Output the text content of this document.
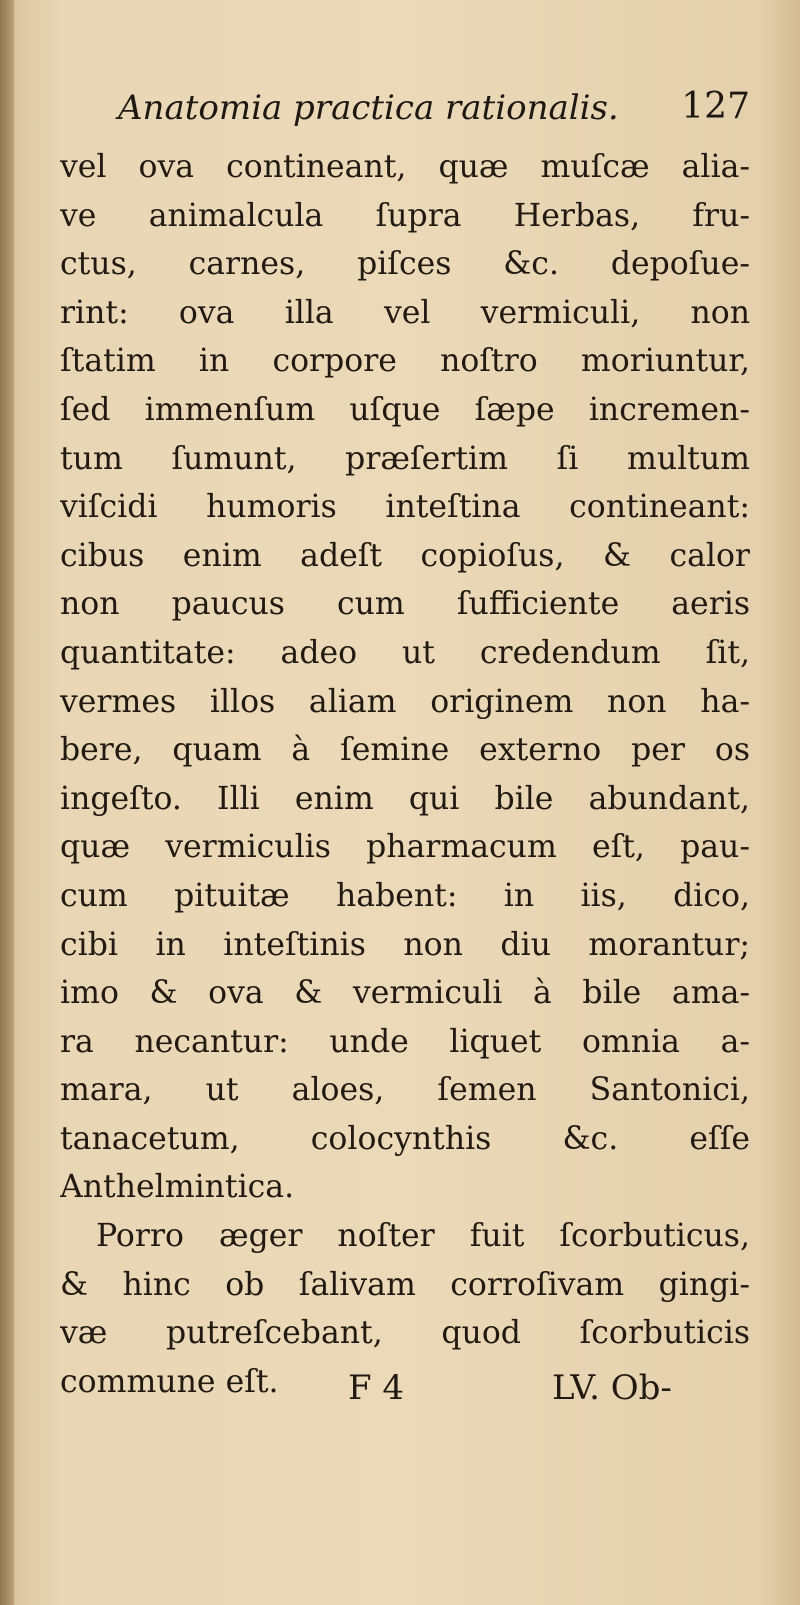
Anatomia practica rationalis. 127
vel ova contineant, quæ muſcæ alia-
ve animalcula ſupra Herbas, fru-
ctus, carnes, piſces &c. depoſue-
rint: ova illa vel vermiculi, non
ſtatim in corpore noſtro moriuntur,
ſed immenſum uſque ſæpe incremen-
tum ſumunt, præſertim ſi multum
viſcidi humoris inteſtina contineant:
cibus enim adeſt copioſus, & calor
non paucus cum ſufficiente aeris
quantitate: adeo ut credendum ſit,
vermes illos aliam originem non ha-
bere, quam à ſemine externo per os
ingeſto. Illi enim qui bile abundant,
quæ vermiculis pharmacum eſt, pau-
cum pituitæ habent: in iis, dico,
cibi in inteſtinis non diu morantur;
imo & ova & vermiculi à bile ama-
ra necantur: unde liquet omnia a-
mara, ut aloes, ſemen Santonici,
tanacetum, colocynthis &c. eſſe
Anthelmintica.
Porro æger noſter fuit ſcorbuticus,
& hinc ob ſalivam corroſivam gingi-
væ putreſcebant, quod ſcorbuticis
commune eſt.	F 4	LV. Ob-
